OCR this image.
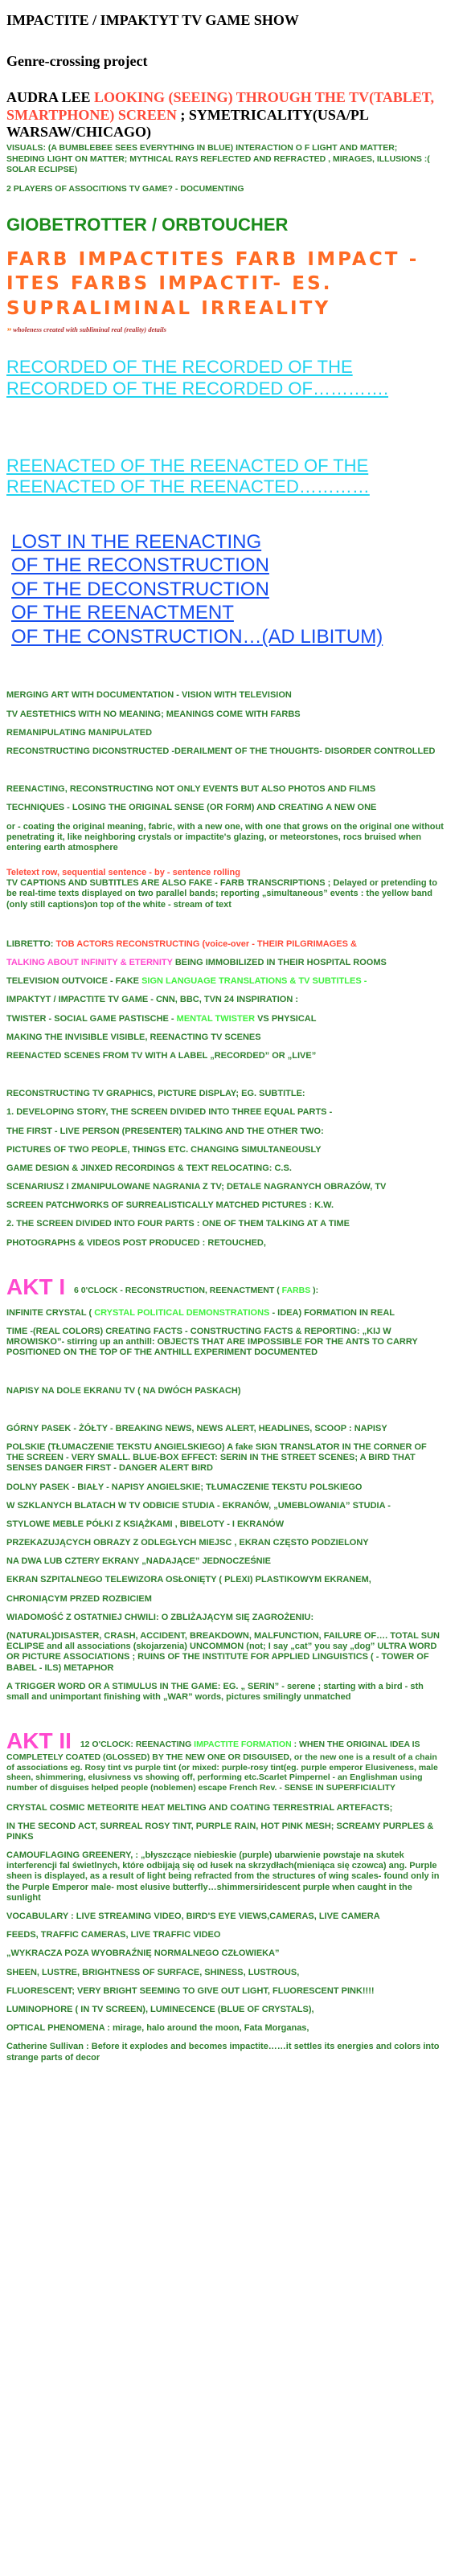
IMPACTITE / IMPAKTYT TV GAME SHOW
Genre-crossing project
AUDRA LEE LOOKING (SEEING) THROUGH THE TV(TABLET, SMARTPHONE) SCREEN ; SYMETRICALITY(USA/PL WARSAW/CHICAGO)
VISUALS: (A BUMBLEBEE SEES EVERYTHING IN BLUE) INTERACTION O F LIGHT AND MATTER;
SHEDING LIGHT ON MATTER; MYTHICAL RAYS REFLECTED AND REFRACTED , MIRAGES, ILLUSIONS :( SOLAR ECLIPSE)
2 PLAYERS OF ASSOCITIONS TV GAME? - DOCUMENTING
GIOBETROTTER / ORBTOUCHER
FARB IMPACTITES FARB IMPACT -ITES FARBS IMPACTIT- ES. SUPRALIMINAL IRREALITY
” wholeness created with subliminal real (reality) details
RECORDED OF THE RECORDED OF THE RECORDED OF THE RECORDED OF………….
REENACTED OF THE REENACTED OF THE REENACTED OF THE REENACTED…………
LOST IN THE REENACTING
OF THE RECONSTRUCTION
OF THE DECONSTRUCTION
OF THE REENACTMENT
OF THE CONSTRUCTION…(AD LIBITUM)
MERGING ART WITH DOCUMENTATION - VISION WITH TELEVISION
TV AESTETHICS WITH NO MEANING; MEANINGS COME WITH FARBS
REMANIPULATING MANIPULATED
RECONSTRUCTING DICONSTRUCTED -DERAILMENT OF THE THOUGHTS- DISORDER CONTROLLED
REENACTING, RECONSTRUCTING NOT ONLY EVENTS BUT ALSO PHOTOS AND FILMS
TECHNIQUES - LOSING THE ORIGINAL SENSE (OR FORM) AND CREATING A NEW ONE
or - coating the original meaning, fabric, with a new one, with one that grows on the original one without penetrating it, like neighboring crystals or impactite's glazing, or meteorstones, rocs bruised when entering earth atmosphere
Teletext row, sequential sentence - by - sentence rolling
TV CAPTIONS AND SUBTITLES ARE ALSO FAKE - FARB TRANSCRIPTIONS ; Delayed or pretending to be real-time texts displayed on two parallel bands; reporting „simultaneous” events : the yellow band (only still captions)on top of the white - stream of text
LIBRETTO: TOB ACTORS RECONSTRUCTING (voice-over - THEIR PILGRIMAGES &
TALKING ABOUT INFINITY & ETERNITY BEING IMMOBILIZED IN THEIR HOSPITAL ROOMS
TELEVISION OUTVOICE - FAKE SIGN LANGUAGE TRANSLATIONS & TV SUBTITLES -
IMPAKTYT / IMPACTITE TV GAME - CNN, BBC, TVN 24 INSPIRATION :
TWISTER - SOCIAL GAME PASTISCHE - MENTAL TWISTER VS PHYSICAL
MAKING THE INVISIBLE VISIBLE, REENACTING TV SCENES
REENACTED SCENES FROM TV WITH A LABEL „RECORDED” OR „LIVE”
RECONSTRUCTING TV GRAPHICS, PICTURE DISPLAY; EG. SUBTITLE:
1. DEVELOPING STORY, THE SCREEN DIVIDED INTO THREE EQUAL PARTS -
THE FIRST - LIVE PERSON (PRESENTER) TALKING AND THE OTHER TWO:
PICTURES OF TWO PEOPLE, THINGS ETC. CHANGING SIMULTANEOUSLY
GAME DESIGN & JINXED RECORDINGS & TEXT RELOCATING: C.S.
SCENARIUSZ I ZMANIPULOWANE NAGRANIA Z TV; DETALE NAGRANYCH OBRAZÓW, TV
SCREEN PATCHWORKS OF SURREALISTICALLY MATCHED PICTURES : K.W.
2. THE SCREEN DIVIDED INTO FOUR PARTS : ONE OF THEM TALKING AT A TIME
PHOTOGRAPHS & VIDEOS POST PRODUCED : RETOUCHED,
AKT I 6 0'CLOCK - RECONSTRUCTION, REENACTMENT ( FARBS ):
INFINITE CRYSTAL ( CRYSTAL POLITICAL DEMONSTRATIONS - IDEA) FORMATION IN REAL
TIME -(REAL COLORS) CREATING FACTS - CONSTRUCTING FACTS & REPORTING: „KIJ W MROWISKO”- stirring up an anthill: OBJECTS THAT ARE IMPOSSIBLE FOR THE ANTS TO CARRY POSITIONED ON THE TOP OF THE ANTHILL EXPERIMENT DOCUMENTED
NAPISY NA DOLE EKRANU TV ( NA DWÓCH PASKACH)
GÓRNY PASEK - ŻÓŁTY - BREAKING NEWS, NEWS ALERT, HEADLINES, SCOOP : NAPISY
POLSKIE (TŁUMACZENIE TEKSTU ANGIELSKIEGO) A fake SIGN TRANSLATOR IN THE CORNER OF THE SCREEN - VERY SMALL. BLUE-BOX EFFECT: SERIN IN THE STREET SCENES; A BIRD THAT SENSES DANGER FIRST - DANGER ALERT BIRD
DOLNY PASEK - BIAŁY - NAPISY ANGIELSKIE; TŁUMACZENIE TEKSTU POLSKIEGO
W SZKLANYCH BLATACH W TV ODBICIE STUDIA - EKRANÓW, „UMEBLOWANIA” STUDIA -
STYLOWE MEBLE PÓŁKI Z KSIĄŻKAMI , BIBELOTY - I EKRANÓW
PRZEKAZUJĄCYCH OBRAZY Z ODLEGŁYCH MIEJSC , EKRAN CZĘSTO PODZIELONY
NA DWA LUB CZTERY EKRANY „NADAJĄCE” JEDNOCZEŚNIE
EKRAN SZPITALNEGO TELEWIZORA OSŁONIĘTY ( PLEXI) PLASTIKOWYM EKRANEM,
CHRONIĄCYM PRZED ROZBICIEM
WIADOMOŚĆ Z OSTATNIEJ CHWILI: O ZBLIŻAJĄCYM SIĘ ZAGROŻENIU:
(NATURAL)DISASTER, CRASH, ACCIDENT, BREAKDOWN, MALFUNCTION, FAILURE OF…. TOTAL SUN ECLIPSE and all associations (skojarzenia) UNCOMMON (not; I say „cat” you say „dog” ULTRA WORD OR PICTURE ASSOCIATIONS ; RUINS OF THE INSTITUTE FOR APPLIED LINGUISTICS ( - TOWER OF BABEL - ILS) METAPHOR
A TRIGGER WORD OR A STIMULUS IN THE GAME: EG. „ SERIN” - serene ; starting with a bird - sth small and unimportant finishing with „WAR” words, pictures smilingly unmatched
AKT II 12 O'CLOCK: REENACTING IMPACTITE FORMATION : WHEN THE ORIGINAL IDEA IS COMPLETELY COATED (GLOSSED) BY THE NEW ONE OR DISGUISED, or the new one is a result of a chain of associations eg. Rosy tint vs purple tint (or mixed: purple-rosy tint(eg. purple emperor Elusiveness, male sheen, shimmering, elusivness vs showing off, performing etc.Scarlet Pimpernel - an Englishman using number of disguises helped people (noblemen) escape French Rev. - SENSE IN SUPERFICIALITY
CRYSTAL COSMIC METEORITE HEAT MELTING AND COATING TERRESTRIAL ARTEFACTS;
IN THE SECOND ACT, SURREAL ROSY TINT, PURPLE RAIN, HOT PINK MESH; SCREAMY PURPLES & PINKS
CAMOUFLAGING GREENERY, : „błyszczące niebieskie (purple) ubarwienie powstaje na skutek interferencji fal świetlnych, które odbijają się od łusek na skrzydłach(mieniąca się czowca) ang. Purple sheen is displayed, as a result of light being refracted from the structures of wing scales- found only in the Purple Emperor male- most elusive butterfly…shimmersiridescent purple when caught in the sunlight
VOCABULARY : LIVE STREAMING VIDEO, BIRD'S EYE VIEWS,CAMERAS, LIVE CAMERA
FEEDS, TRAFFIC CAMERAS, LIVE TRAFFIC VIDEO
„WYKRACZA POZA WYOBRAŹNIĘ NORMALNEGO CZŁOWIEKA”
SHEEN, LUSTRE, BRIGHTNESS OF SURFACE, SHINESS, LUSTROUS,
FLUORESCENT; VERY BRIGHT SEEMING TO GIVE OUT LIGHT, FLUORESCENT PINK!!!!
LUMINOPHORE ( IN TV SCREEN), LUMINECENCE (BLUE OF CRYSTALS),
OPTICAL PHENOMENA : mirage, halo around the moon, Fata Morganas,
Catherine Sullivan : Before it explodes and becomes impactite……it settles its energies and colors into strange parts of decor
